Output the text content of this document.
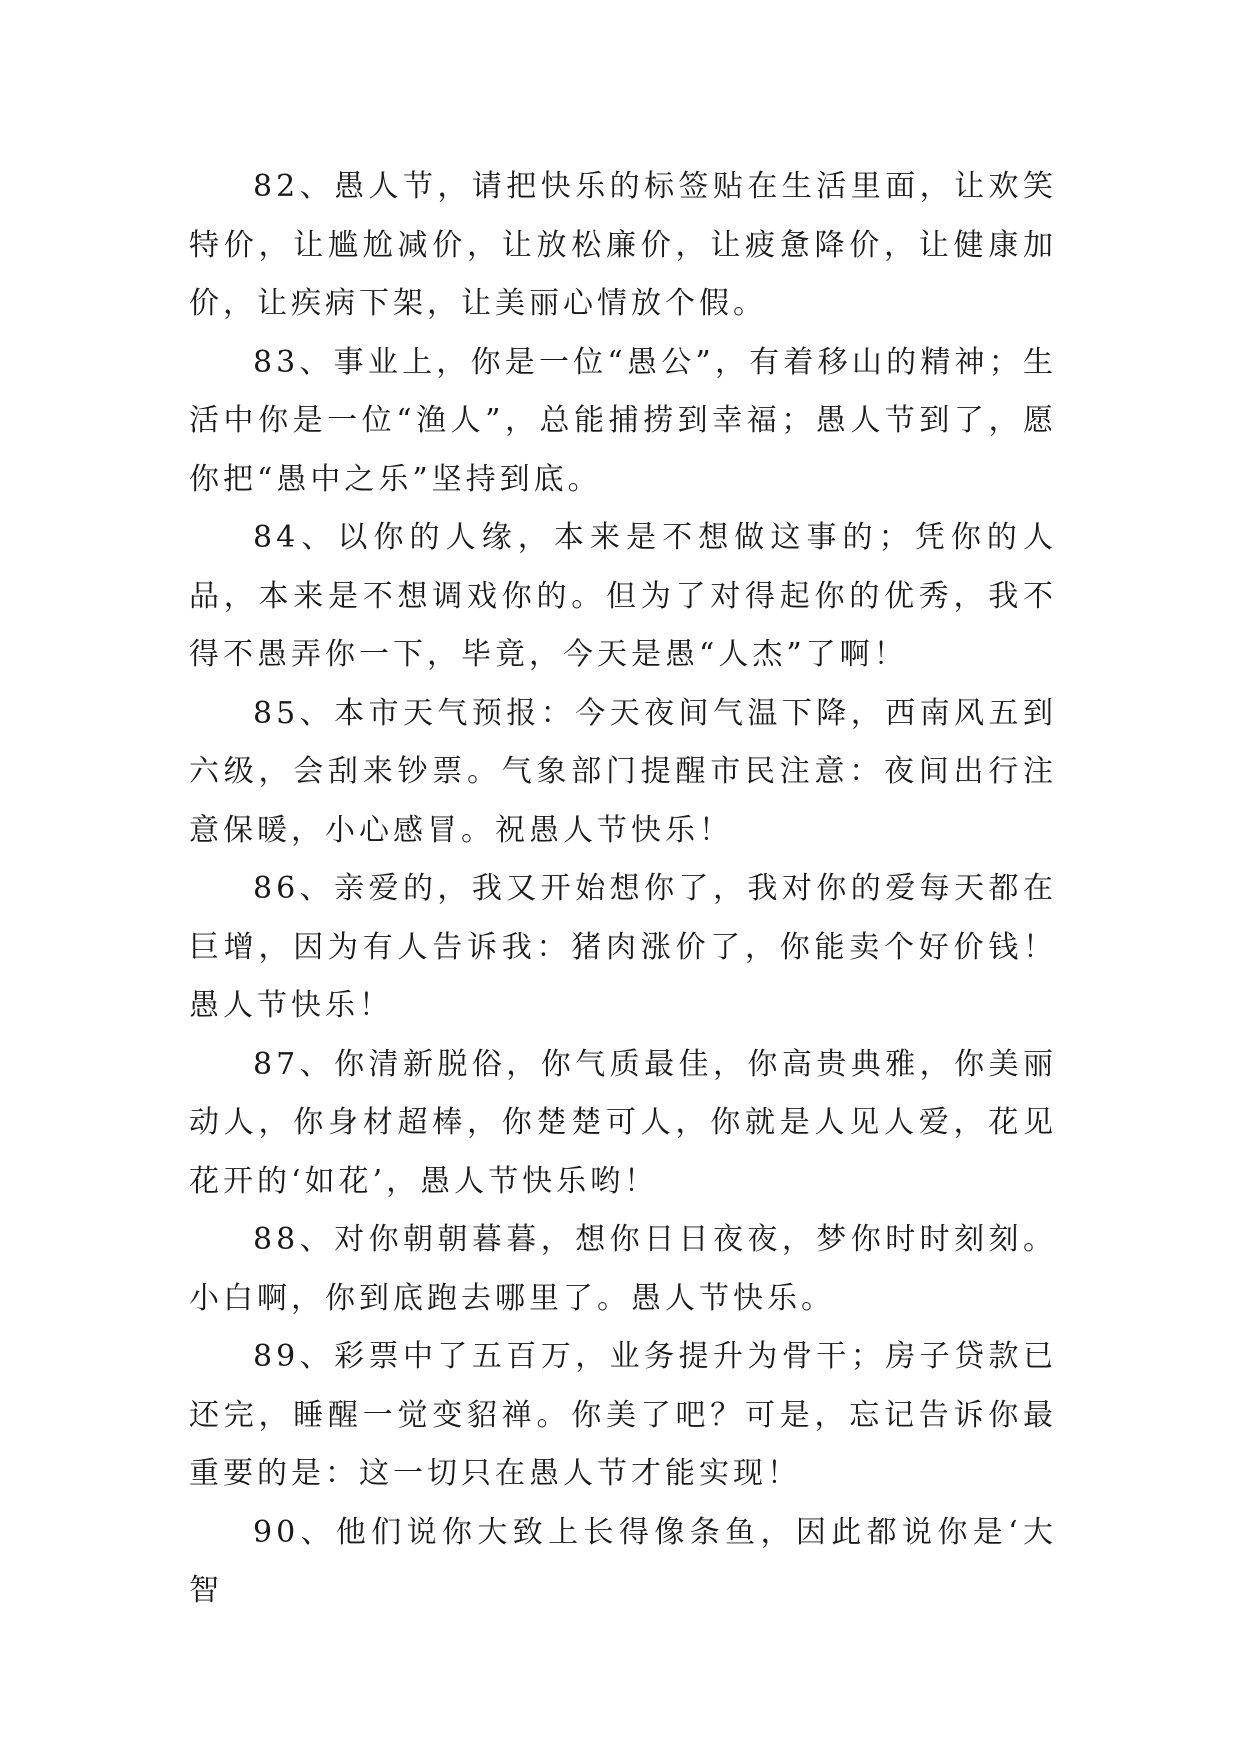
82、愚人节，请把快乐的标签贴在生活里面，让欢笑特价，让尴尬减价，让放松廉价，让疲惫降价，让健康加价，让疾病下架，让美丽心情放个假。

83、事业上，你是一位“愚公”，有着移山的精神；生活中你是一位“渔人”，总能捕捞到幸福；愚人节到了，愿你把“愚中之乐”坚持到底。

84、以你的人缘，本来是不想做这事的；凭你的人品，本来是不想调戏你的。但为了对得起你的优秀，我不得不愚弄你一下，毕竟，今天是愚“人杰”了啊！

85、本市天气预报：今天夜间气温下降，西南风五到六级，会刮来钞票。气象部门提醒市民注意：夜间出行注意保暖，小心感冒。祝愚人节快乐！

86、亲爱的，我又开始想你了，我对你的爱每天都在巨增，因为有人告诉我：猪肉涨价了，你能卖个好价钱！愚人节快乐！

87、你清新脱俗，你气质最佳，你高贵典雅，你美丽动人，你身材超棒，你楚楚可人，你就是人见人爱，花见花开的‘如花’，愚人节快乐哟！

88、对你朝朝暮暮，想你日日夜夜，梦你时时刻刻。小白啊，你到底跑去哪里了。愚人节快乐。

89、彩票中了五百万，业务提升为骨干；房子贷款已还完，睡醒一觉变貂禅。你美了吧？可是，忘记告诉你最重要的是：这一切只在愚人节才能实现！

90、他们说你大致上长得像条鱼，因此都说你是‘大智
